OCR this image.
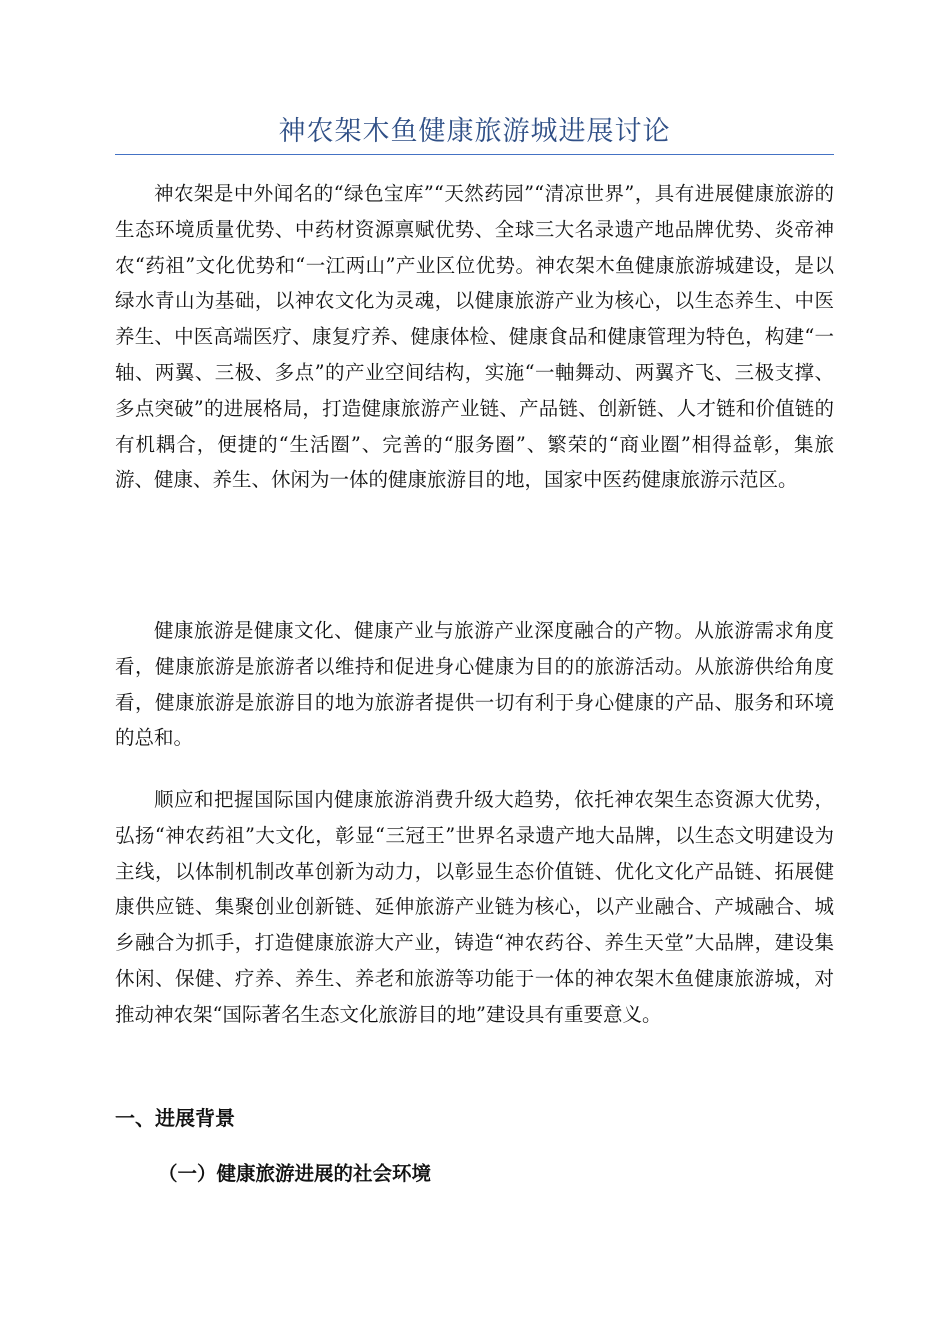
神农架木鱼健康旅游城进展讨论

神农架是中外闻名的“绿色宝库”“天然药园”“清凉世界”，具有进展健康旅游的生态环境质量优势、中药材资源禀赋优势、全球三大名录遗产地品牌优势、炎帝神农“药祖”文化优势和“一江两山”产业区位优势。神农架木鱼健康旅游城建设，是以绿水青山为基础，以神农文化为灵魂，以健康旅游产业为核心，以生态养生、中医养生、中医高端医疗、康复疗养、健康体检、健康食品和健康管理为特色，构建“一轴、两翼、三极、多点”的产业空间结构，实施“一軸舞动、两翼齐飞、三极支撑、多点突破”的进展格局，打造健康旅游产业链、产品链、创新链、人才链和价值链的有机耦合，便捷的“生活圈”、完善的“服务圈”、繁荣的“商业圈”相得益彰，集旅游、健康、养生、休闲为一体的健康旅游目的地，国家中医药健康旅游示范区。

健康旅游是健康文化、健康产业与旅游产业深度融合的产物。从旅游需求角度看，健康旅游是旅游者以维持和促进身心健康为目的的旅游活动。从旅游供给角度看，健康旅游是旅游目的地为旅游者提供一切有利于身心健康的产品、服务和环境的总和。

顺应和把握国际国内健康旅游消费升级大趋势，依托神农架生态资源大优势，弘扬“神农药祖”大文化，彰显“三冠王”世界名录遗产地大品牌，以生态文明建设为主线，以体制机制改革创新为动力，以彰显生态价值链、优化文化产品链、拓展健康供应链、集聚创业创新链、延伸旅游产业链为核心，以产业融合、产城融合、城乡融合为抓手，打造健康旅游大产业，铸造“神农药谷、养生天堂”大品牌，建设集休闲、保健、疗养、养生、养老和旅游等功能于一体的神农架木鱼健康旅游城，对推动神农架“国际著名生态文化旅游目的地”建设具有重要意义。

一、进展背景
（一）健康旅游进展的社会环境
